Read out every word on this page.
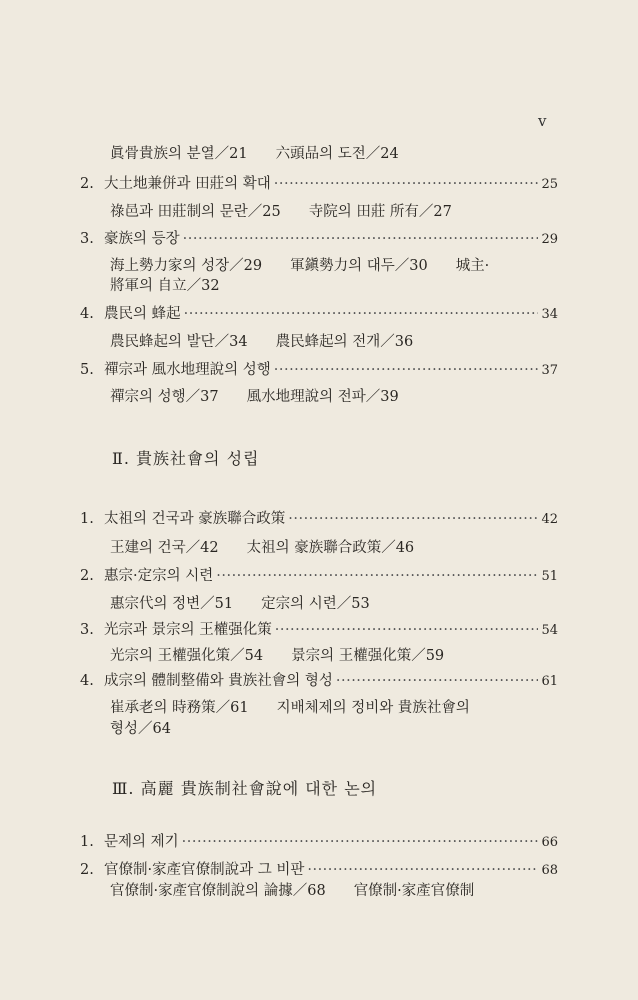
v
眞骨貴族의 분열／21 六頭品의 도전／24
2. 大土地兼併과 田莊의 확대 ·····	25
祿邑과 田莊制의 문란／25 寺院의 田莊 所有／27
3. 豪族의 등장 ·····	29
海上勢力家의 성장／29 軍鎭勢力의 대두／30 城主·
將軍의 自立／32
4. 農民의 蜂起 ·····	34
農民蜂起의 발단／34 農民蜂起의 전개／36
5. 禪宗과 風水地理說의 성행 ·····	37
禪宗의 성행／37 風水地理說의 전파／39
Ⅱ. 貴族社會의 성립
1. 太祖의 건국과 豪族聯合政策 ·····	42
王建의 건국／42 太祖의 豪族聯合政策／46
2. 惠宗·定宗의 시련 ·····	51
惠宗代의 정변／51 定宗의 시련／53
3. 光宗과 景宗의 王權强化策 ·····	54
光宗의 王權强化策／54 景宗의 王權强化策／59
4. 成宗의 體制整備와 貴族社會의 형성 ·····	61
崔承老의 時務策／61 지배체제의 정비와 貴族社會의
형성／64
Ⅲ. 高麗 貴族制社會說에 대한 논의
1. 문제의 제기 ·····	66
2. 官僚制·家產官僚制說과 그 비판 ·····	68
官僚制·家產官僚制說의 論據／68 官僚制·家產官僚制
